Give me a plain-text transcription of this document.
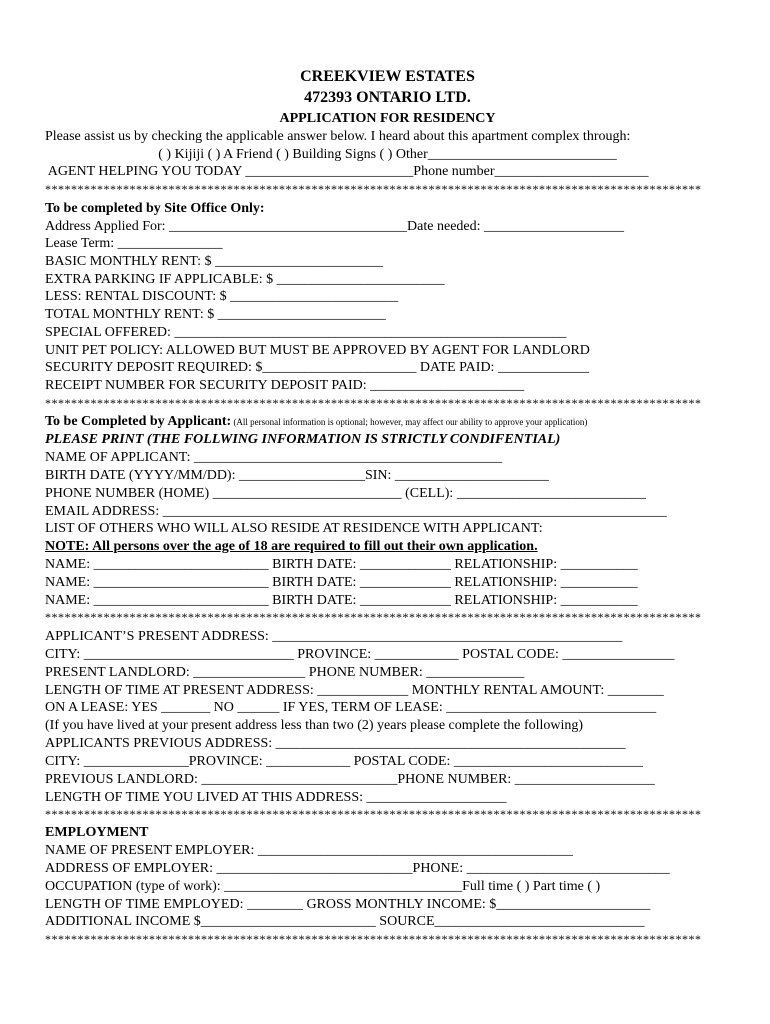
CREEKVIEW ESTATES
472393 ONTARIO LTD.
APPLICATION FOR RESIDENCY
Please assist us by checking the applicable answer below. I heard about this apartment complex through:
( ) Kijiji ( ) A Friend ( ) Building Signs ( ) Other___________________________
AGENT HELPING YOU TODAY ________________________Phone number______________________
*****************************************************************************************************
To be completed by Site Office Only:
Address Applied For: __________________________________Date needed: ____________________
Lease Term: _______________
BASIC MONTHLY RENT: $ ________________________
EXTRA PARKING IF APPLICABLE: $ ________________________
LESS: RENTAL DISCOUNT: $ ________________________
TOTAL MONTHLY RENT: $ ________________________
SPECIAL OFFERED: ________________________________________________________
UNIT PET POLICY: ALLOWED BUT MUST BE APPROVED BY AGENT FOR LANDLORD
SECURITY DEPOSIT REQUIRED: $______________________ DATE PAID: _____________
RECEIPT NUMBER FOR SECURITY DEPOSIT PAID: ______________________
*****************************************************************************************************
To be Completed by Applicant: (All personal information is optional; however, may affect our ability to approve your application)
PLEASE PRINT (THE FOLLWING INFORMATION IS STRICTLY CONDIFENTIAL)
NAME OF APPLICANT: ____________________________________________
BIRTH DATE (YYYY/MM/DD): __________________SIN: ______________________
PHONE NUMBER (HOME) ___________________________ (CELL): ___________________________
EMAIL ADDRESS: ________________________________________________________________________
LIST OF OTHERS WHO WILL ALSO RESIDE AT RESIDENCE WITH APPLICANT:
NOTE: All persons over the age of 18 are required to fill out their own application.
NAME: _________________________ BIRTH DATE: _____________ RELATIONSHIP: ___________
NAME: _________________________ BIRTH DATE: _____________ RELATIONSHIP: ___________
NAME: _________________________ BIRTH DATE: _____________ RELATIONSHIP: ___________
*****************************************************************************************************
APPLICANT’S PRESENT ADDRESS: __________________________________________________
CITY: ______________________________ PROVINCE: ____________ POSTAL CODE: ________________
PRESENT LANDLORD: ________________ PHONE NUMBER: ______________
LENGTH OF TIME AT PRESENT ADDRESS: _____________ MONTHLY RENTAL AMOUNT: ________
ON A LEASE: YES _______ NO ______ IF YES, TERM OF LEASE: ______________________________
(If you have lived at your present address less than two (2) years please complete the following)
APPLICANTS PREVIOUS ADDRESS: __________________________________________________
CITY: _______________PROVINCE: ____________ POSTAL CODE: ___________________________
PREVIOUS LANDLORD: ____________________________PHONE NUMBER: ____________________
LENGTH OF TIME YOU LIVED AT THIS ADDRESS: ____________________
*****************************************************************************************************
EMPLOYMENT
NAME OF PRESENT EMPLOYER: _____________________________________________
ADDRESS OF EMPLOYER: ____________________________PHONE: _____________________________
OCCUPATION (type of work): __________________________________Full time ( ) Part time ( )
LENGTH OF TIME EMPLOYED: ________ GROSS MONTHLY INCOME: $______________________
ADDITIONAL INCOME $_________________________ SOURCE______________________________
*****************************************************************************************************
